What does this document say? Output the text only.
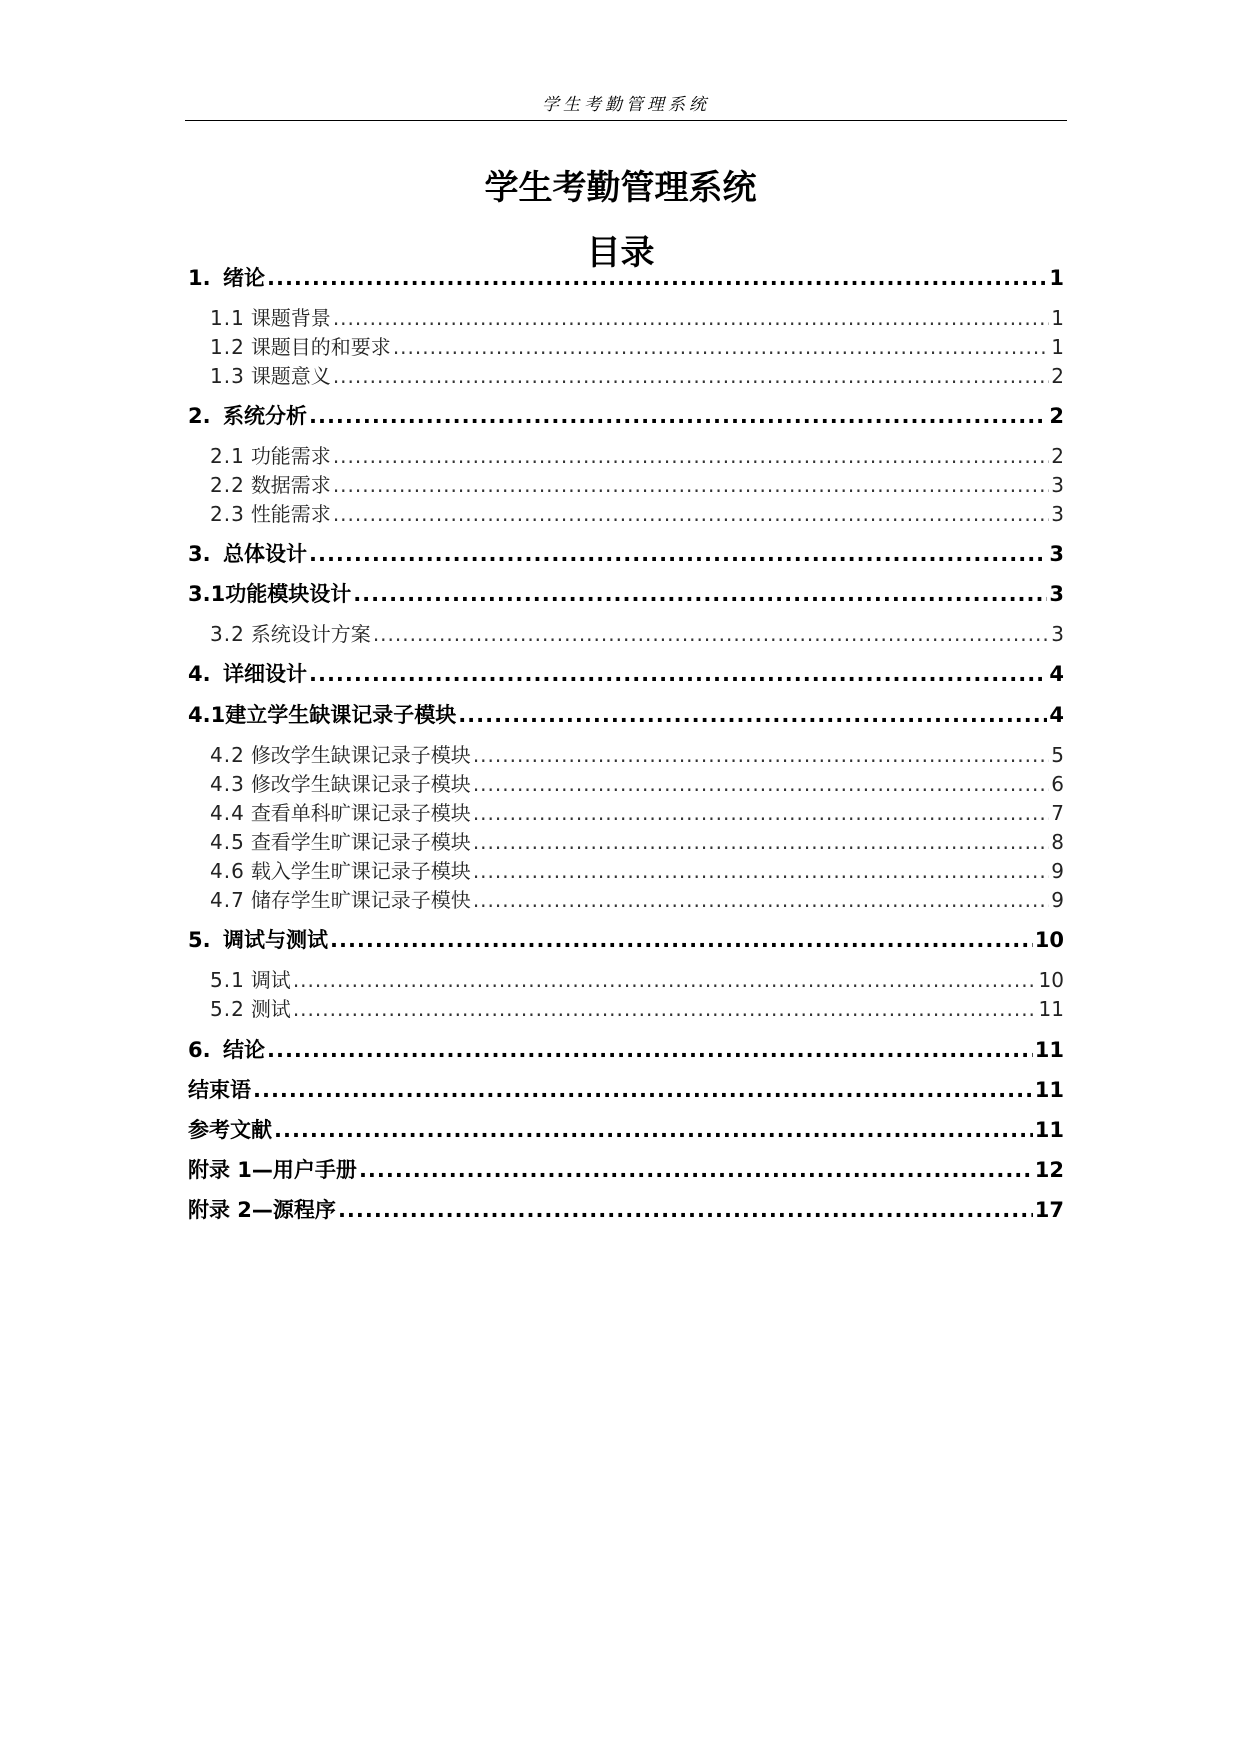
学生考勤管理系统
学生考勤管理系统
目录
1. 绪论 .....	1
1.1 课题背景 .....	1
1.2 课题目的和要求 .....	1
1.3 课题意义 .....	2
2. 系统分析 .....	2
2.1 功能需求 .....	2
2.2 数据需求 .....	3
2.3 性能需求 .....	3
3. 总体设计 .....	3
3.1 功能模块设计 .....	3
3.2 系统设计方案 .....	3
4. 详细设计 .....	4
4.1 建立学生缺课记录子模块 .....	4
4.2 修改学生缺课记录子模块 .....	5
4.3 修改学生缺课记录子模块 .....	6
4.4 查看单科旷课记录子模块 .....	7
4.5 查看学生旷课记录子模块 .....	8
4.6 载入学生旷课记录子模块 .....	9
4.7 储存学生旷课记录子模快 .....	9
5. 调试与测试 .....	10
5.1 调试 .....	10
5.2 测试 .....	11
6. 结论 .....	11
结束语 .....	11
参考文献 .....	11
附录 1—用户手册 .....	12
附录 2—源程序 .....	17
